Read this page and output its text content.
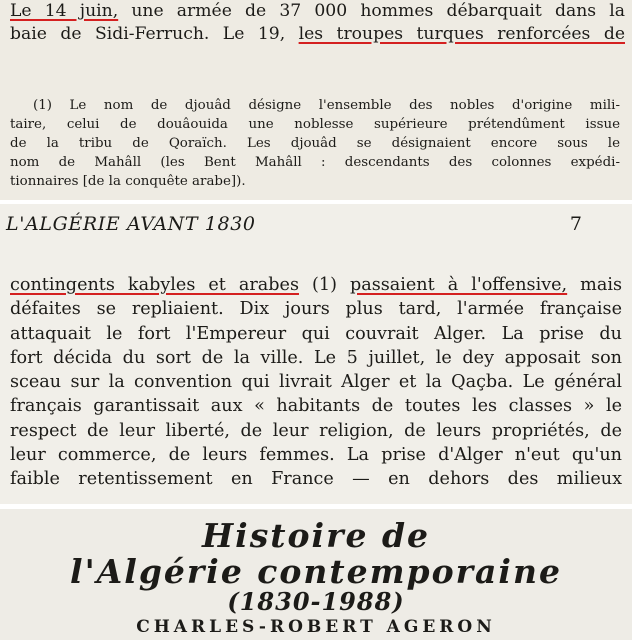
Le 14 juin, une armée de 37 000 hommes débarquait dans la
baie de Sidi-Ferruch. Le 19, les troupes turques renforcées de

(1) Le nom de djouâd désigne l'ensemble des nobles d'origine mili-
taire, celui de douâouida une noblesse supérieure prétendûment issue
de la tribu de Qoraïch. Les djouâd se désignaient encore sous le
nom de Mahâll (les Bent Mahâll : descendants des colonnes expédi-
tionnaires [de la conquête arabe]).
L'ALGÉRIE AVANT 1830	7
contingents kabyles et arabes (1) passaient à l'offensive, mais
défaites se repliaient. Dix jours plus tard, l'armée française
attaquait le fort l'Empereur qui couvrait Alger. La prise du
fort décida du sort de la ville. Le 5 juillet, le dey apposait son
sceau sur la convention qui livrait Alger et la Qaçba. Le général
français garantissait aux « habitants de toutes les classes » le
respect de leur liberté, de leur religion, de leurs propriétés, de
leur commerce, de leurs femmes. La prise d'Alger n'eut qu'un
faible retentissement en France — en dehors des milieux
Histoire de
l'Algérie contemporaine
(1830-1988)
CHARLES-ROBERT AGERON
